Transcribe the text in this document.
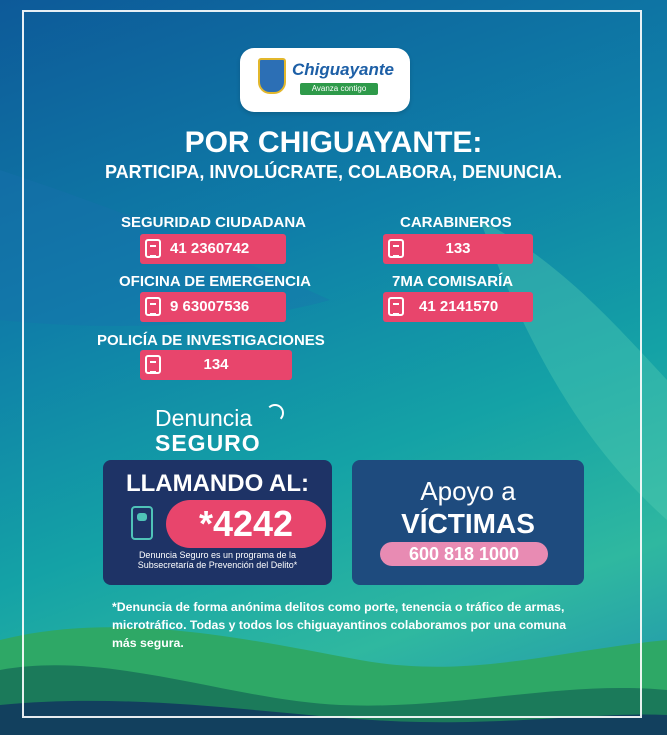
Chiguayante
Avanza contigo
POR CHIGUAYANTE:
PARTICIPA, INVOLÚCRATE, COLABORA, DENUNCIA.
SEGURIDAD CIUDADANA
41 2360742
CARABINEROS
133
OFICINA DE EMERGENCIA
9 63007536
7MA COMISARÍA
41 2141570
POLICÍA DE INVESTIGACIONES
134
Denuncia
SEGURO
LLAMANDO AL:
*4242
Denuncia Seguro es un programa de la Subsecretaría de Prevención del Delito*
Apoyo a
VÍCTIMAS
600 818 1000
*Denuncia de forma anónima delitos como porte, tenencia o tráfico de armas, microtráfico. Todas y todos los chiguayantinos colaboramos por una comuna más segura.
